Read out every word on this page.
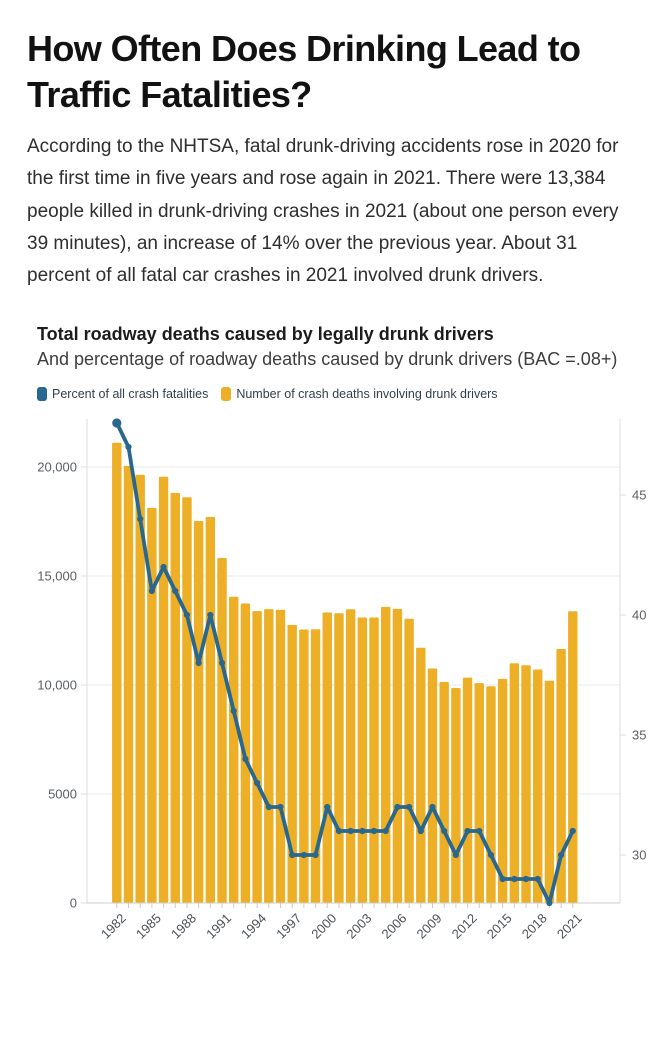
How Often Does Drinking Lead to Traffic Fatalities?

According to the NHTSA, fatal drunk-driving accidents rose in 2020 for the first time in five years and rose again in 2021. There were 13,384 people killed in drunk-driving crashes in 2021 (about one person every 39 minutes), an increase of 14% over the previous year. About 31 percent of all fatal car crashes in 2021 involved drunk drivers.

Total roadway deaths caused by legally drunk drivers

And percentage of roadway deaths caused by drunk drivers (BAC =.08+)

Percent of all crash fatalities Number of crash deaths involving drunk drivers
0
5000
10,000
15,000
20,000
30
35
40
45
1982 1985 1988 1991 1994 1997 2000 2003 2006 2009 2012 2015 2018 2021
